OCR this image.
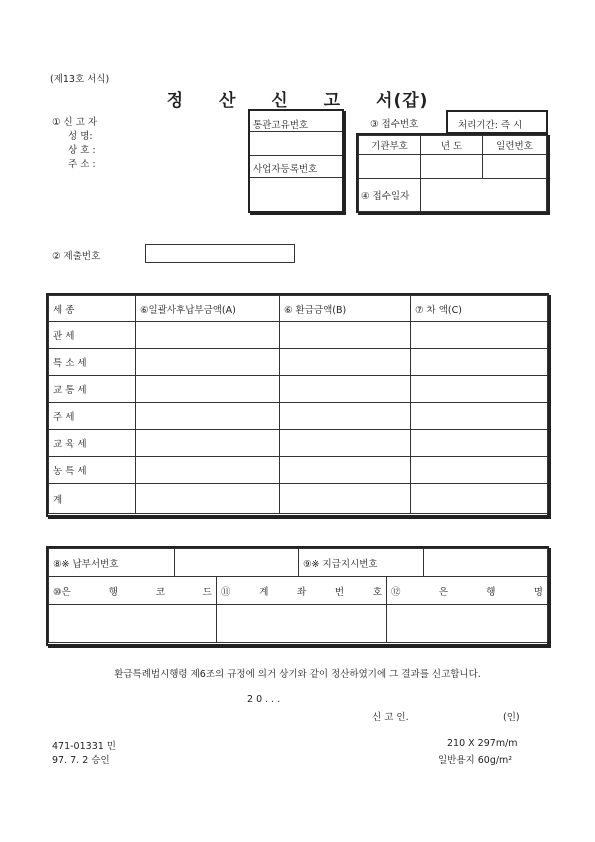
(제13호 서식)
정 산 신 고 서(갑)
① 신 고 자
성 명:
상 호 :
주 소 :
통관고유번호
사업자등록번호
③ 접수번호	처리기간: 즉 시
기관부호	년 도	일련번호

④ 접수일자		
② 제출번호
세 종	⑥일괄사후납부금액(A)	⑥ 환급금액(B)	⑦ 차 액(C)
관 세			
특 소 세			
교 통 세			
주 세			
교 육 세			
농 특 세			
계			
⑧※ 납부서번호		⑨※ 지급지시번호	
⑩은 행 코 드	⑪ 계 좌 번 호	⑫ 은 행 명

환급특례법시행령 제6조의 규정에 의거 상기와 같이 정산하였기에 그 결과를 신고합니다.
2 0 . . .
신 고 인.	(인)
471-01331 민
97. 7. 2 승인
210 X 297m/m
일반용지 60g/m²
